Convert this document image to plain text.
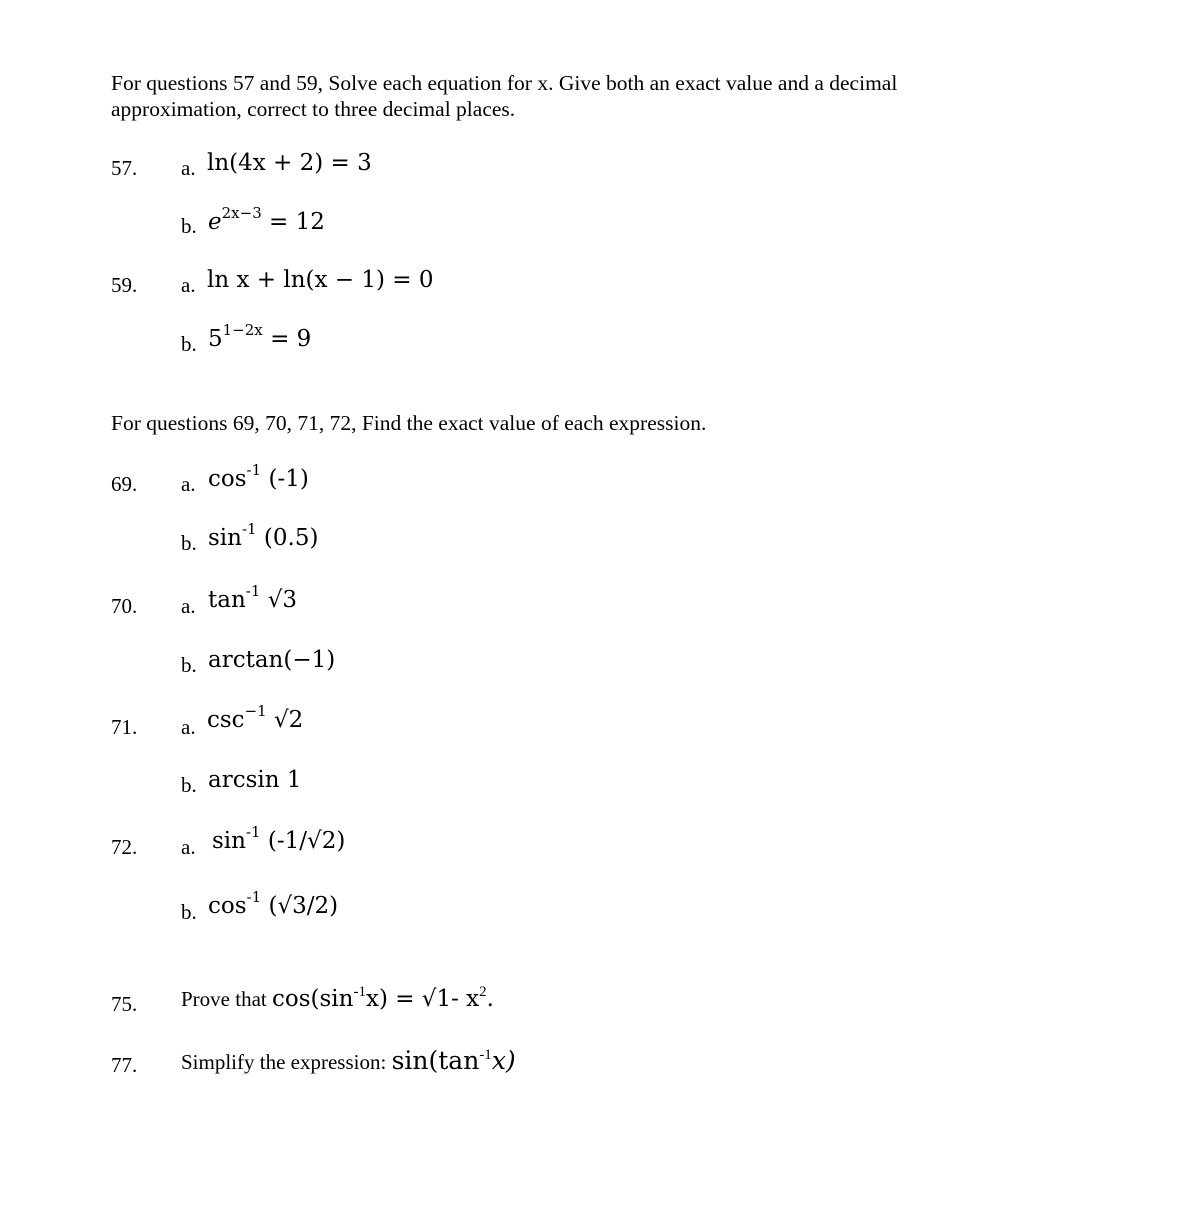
For questions 57 and 59, Solve each equation for x. Give both an exact value and a decimal
approximation, correct to three decimal places.
57. a. ln(4x + 2) = 3
b. $e^{2x-3} = 12$
59. a. ln x + ln(x − 1) = 0
b. $5^{1-2x} = 9$
For questions 69, 70, 71, 72, Find the exact value of each expression.
69. a. $\cos^{-1} (-1)$
b. $\sin^{-1} (0.5)$
70. a. $\tan^{-1} √3$
b. arctan(−1)
71. a. $\csc^{-1} √2$
b. arcsin 1
72. a. $\sin^{-1} (-1/√2)$
b. $\cos^{-1} (√3/2)$
75. Prove that $\cos(\sin^{-1}x) = √1-$ $x^2$.
77. Simplify the expression: $\sin(\tan^{-1}x)$
